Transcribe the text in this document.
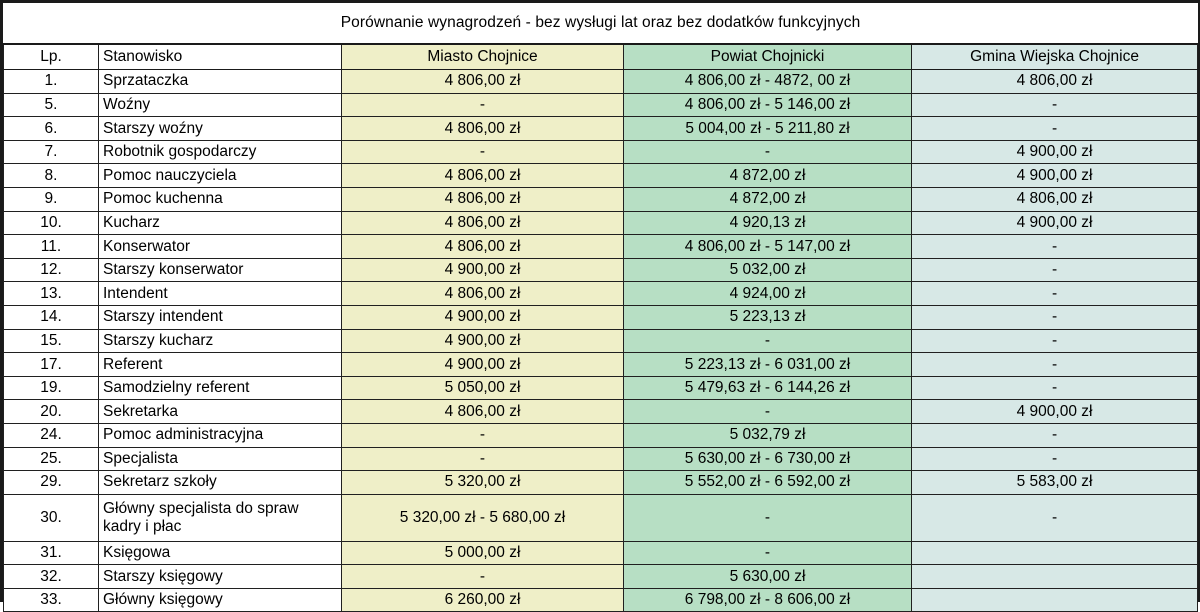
Porównanie wynagrodzeń - bez wysługi lat oraz bez dodatków funkcyjnych				
Lp.	Stanowisko	Miasto Chojnice	Powiat Chojnicki	Gmina Wiejska Chojnice
1.	Sprzataczka	4 806,00 zł	4 806,00 zł - 4872, 00 zł	4 806,00 zł
5.	Woźny	-	4 806,00 zł - 5 146,00 zł	-
6.	Starszy woźny	4 806,00 zł	5 004,00 zł - 5 211,80 zł	-
7.	Robotnik gospodarczy	-	-	4 900,00 zł
8.	Pomoc nauczyciela	4 806,00 zł	4 872,00 zł	4 900,00 zł
9.	Pomoc kuchenna	4 806,00 zł	4 872,00 zł	4 806,00 zł
10.	Kucharz	4 806,00 zł	4 920,13 zł	4 900,00 zł
11.	Konserwator	4 806,00 zł	4 806,00 zł - 5 147,00 zł	-
12.	Starszy konserwator	4 900,00 zł	5 032,00 zł	-
13.	Intendent	4 806,00 zł	4 924,00 zł	-
14.	Starszy intendent	4 900,00 zł	5 223,13 zł	-
15.	Starszy kucharz	4 900,00 zł	-	-
17.	Referent	4 900,00 zł	5 223,13 zł - 6 031,00 zł	-
19.	Samodzielny referent	5 050,00 zł	5 479,63 zł - 6 144,26 zł	-
20.	Sekretarka	4 806,00 zł	-	4 900,00 zł
24.	Pomoc administracyjna	-	5 032,79 zł	-
25.	Specjalista	-	5 630,00 zł - 6 730,00 zł	-
29.	Sekretarz szkoły	5 320,00 zł	5 552,00 zł - 6 592,00 zł	5 583,00 zł
30.	Główny specjalista do spraw
kadry i płac	5 320,00 zł - 5 680,00 zł	-	-
31.	Księgowa	5 000,00 zł	-	
32.	Starszy księgowy	-	5 630,00 zł	
33.	Główny księgowy	6 260,00 zł	6 798,00 zł - 8 606,00 zł	
